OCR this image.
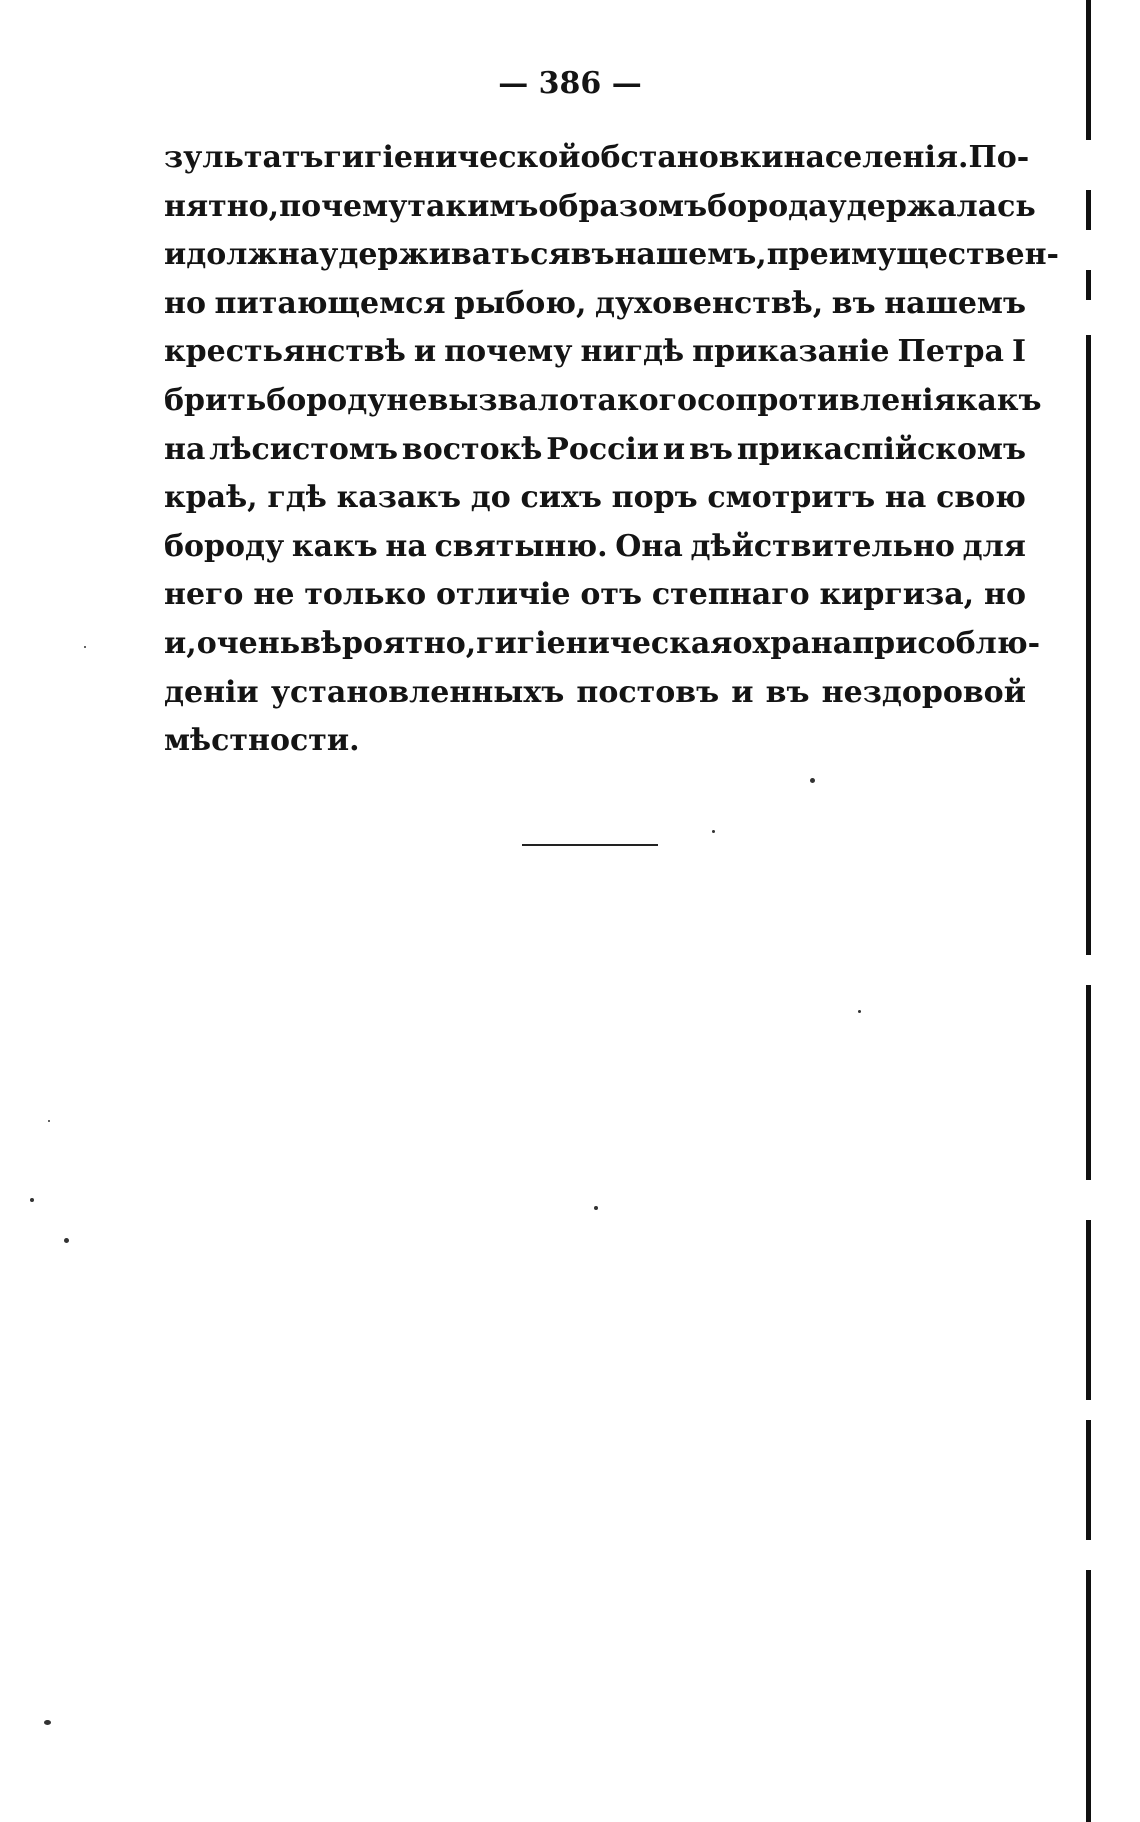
— 386 —
зультатъ гигіенической обстановки населенія. По-
нятно, почему такимъ образомъ борода удержалась
и должна удерживаться въ нашемъ, преимуществен-
но питающемся рыбою, духовенствѣ, въ нашемъ
крестьянствѣ и почему нигдѣ приказаніе Петра I
брить бороду не вызвало такого сопротивленія какъ
на лѣсистомъ востокѣ Россіи и въ прикаспійскомъ
краѣ, гдѣ казакъ до сихъ поръ смотритъ на свою
бороду какъ на святыню. Она дѣйствительно для
него не только отличіе отъ степнаго киргиза, но
и, очень вѣроятно, гигіеническая охрана при соблю-
деніи установленныхъ постовъ и въ нездоровой
мѣстности.
